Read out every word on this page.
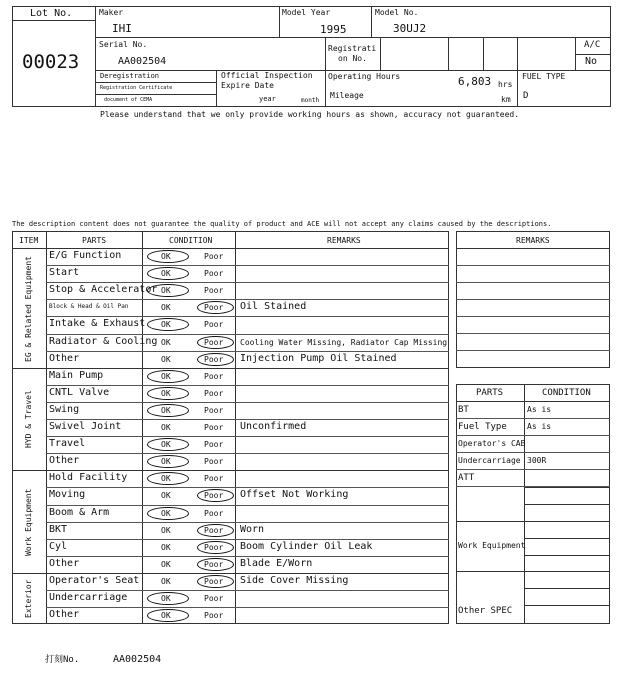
Lot No.
00023
Maker
IHI
Model Year
1995
Model No.
30UJ2
Serial No.
AA002504
Registrati
on No.
A/C
No
Deregistration
Registration Certificate
document of CEMA
Official Inspection
Expire Date
year	month
Operating Hours	6,803 hrs
Mileage	km
FUEL TYPE
D
Please understand that we only provide working hours as shown, accuracy not guaranteed.
The description content does not guarantee the quality of product and ACE will not accept any claims caused by the descriptions.
ITEM	PARTS	CONDITION	REMARKS
EG & Related Equipment
E/G Function	OK	Poor
Start	OK	Poor
Stop & Accelerator OK	Poor
Block & Head & Oil Pan	OK	Poor Oil Stained
Intake & Exhaust OK	Poor
Radiator & Cooling OK	Poor Cooling Water Missing, Radiator Cap Missing
Other	OK	Poor Injection Pump Oil Stained
HYD & Travel
Main Pump	OK	Poor
CNTL Valve	OK	Poor
Swing	OK	Poor
Swivel Joint	OK	Poor Unconfirmed
Travel	OK	Poor
Other	OK	Poor
Work Equipment
Hold Facility	OK	Poor
Moving	OK	Poor Offset Not Working
Boom & Arm	OK	Poor
BKT	OK	Poor Worn
Cyl	OK	Poor Boom Cylinder Oil Leak
Other	OK	Poor Blade E/Worn
Exterior Operator's Seat	OK	Poor Side Cover Missing
Undercarriage	OK	Poor
Other	OK	Poor
REMARKS
PARTS	CONDITION
BT	As is
Fuel Type	As is
Operator's CAB
Undercarriage 300R
ATT
Work Equipment
Other SPEC
打刻No.	AA002504
